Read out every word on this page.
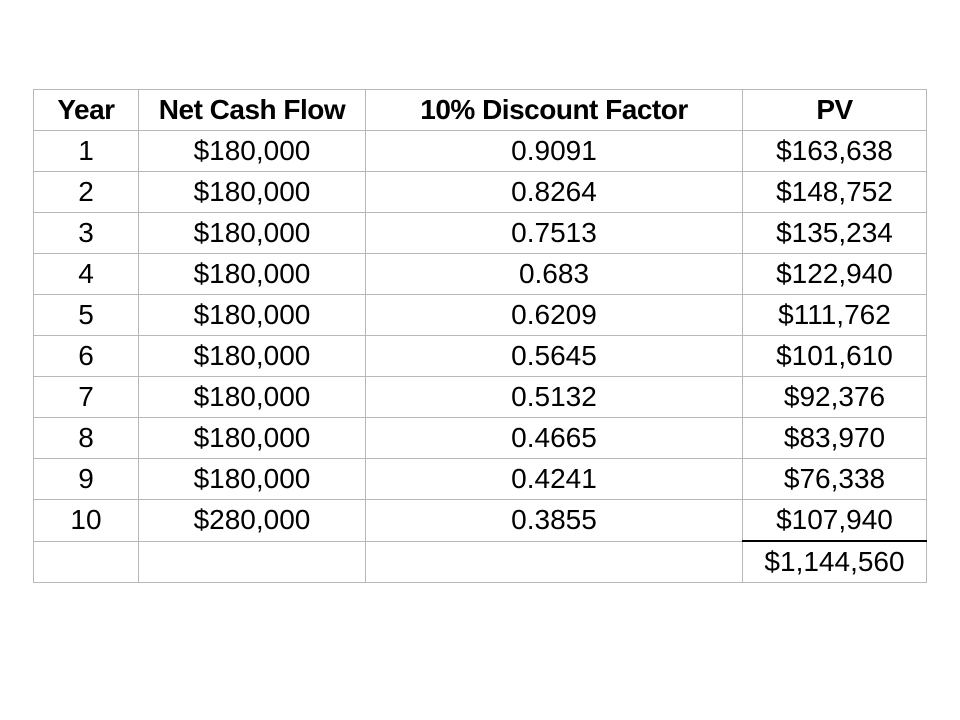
Year	Net Cash Flow	10% Discount Factor	PV
1	$180,000	0.9091	$163,638
2	$180,000	0.8264	$148,752
3	$180,000	0.7513	$135,234
4	$180,000	0.683	$122,940
5	$180,000	0.6209	$111,762
6	$180,000	0.5645	$101,610
7	$180,000	0.5132	$92,376
8	$180,000	0.4665	$83,970
9	$180,000	0.4241	$76,338
10	$280,000	0.3855	$107,940
			$1,144,560
